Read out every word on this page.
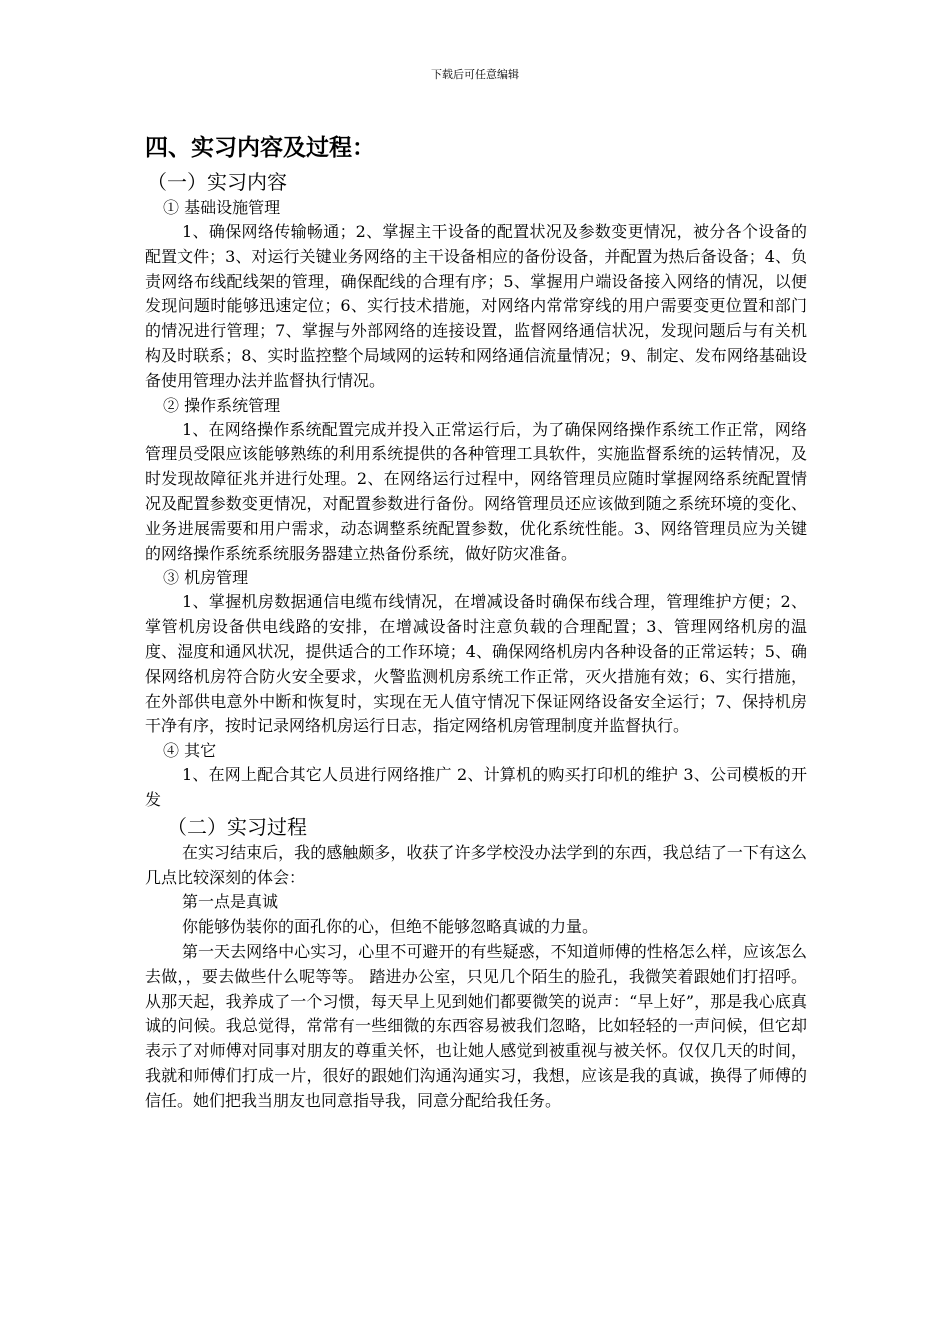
下载后可任意编辑
四、实习内容及过程：
（一）实习内容
① 基础设施管理

1、确保网络传输畅通；2、掌握主干设备的配置状况及参数变更情况，被分各个设备的配置文件；3、对运行关键业务网络的主干设备相应的备份设备，并配置为热后备设备；4、负责网络布线配线架的管理，确保配线的合理有序；5、掌握用户端设备接入网络的情况，以便发现问题时能够迅速定位；6、实行技术措施，对网络内常常穿线的用户需要变更位置和部门的情况进行管理；7、掌握与外部网络的连接设置，监督网络通信状况，发现问题后与有关机构及时联系；8、实时监控整个局域网的运转和网络通信流量情况；9、制定、发布网络基础设备使用管理办法并监督执行情况。

② 操作系统管理

1、在网络操作系统配置完成并投入正常运行后，为了确保网络操作系统工作正常，网络管理员受限应该能够熟练的利用系统提供的各种管理工具软件，实施监督系统的运转情况，及时发现故障征兆并进行处理。2、在网络运行过程中，网络管理员应随时掌握网络系统配置情况及配置参数变更情况，对配置参数进行备份。网络管理员还应该做到随之系统环境的变化、业务进展需要和用户需求，动态调整系统配置参数，优化系统性能。3、网络管理员应为关键的网络操作系统系统服务器建立热备份系统，做好防灾准备。

③ 机房管理

1、掌握机房数据通信电缆布线情况，在增减设备时确保布线合理，管理维护方便；2、掌管机房设备供电线路的安排，在增减设备时注意负载的合理配置；3、管理网络机房的温度、湿度和通风状况，提供适合的工作环境；4、确保网络机房内各种设备的正常运转；5、确保网络机房符合防火安全要求，火警监测机房系统工作正常，灭火措施有效；6、实行措施，在外部供电意外中断和恢复时，实现在无人值守情况下保证网络设备安全运行；7、保持机房干净有序，按时记录网络机房运行日志，指定网络机房管理制度并监督执行。

④ 其它

1、在网上配合其它人员进行网络推广 2、计算机的购买打印机的维护 3、公司模板的开发

（二）实习过程

在实习结束后，我的感触颇多，收获了许多学校没办法学到的东西，我总结了一下有这么几点比较深刻的体会：

第一点是真诚

你能够伪装你的面孔你的心，但绝不能够忽略真诚的力量。

第一天去网络中心实习，心里不可避开的有些疑惑，不知道师傅的性格怎么样，应该怎么去做，，要去做些什么呢等等。 踏进办公室，只见几个陌生的脸孔，我微笑着跟她们打招呼。从那天起，我养成了一个习惯，每天早上见到她们都要微笑的说声：“早上好”，那是我心底真诚的问候。我总觉得，常常有一些细微的东西容易被我们忽略，比如轻轻的一声问候，但它却表示了对师傅对同事对朋友的尊重关怀，也让她人感觉到被重视与被关怀。仅仅几天的时间，我就和师傅们打成一片，很好的跟她们沟通沟通实习，我想，应该是我的真诚，换得了师傅的信任。她们把我当朋友也同意指导我，同意分配给我任务。
